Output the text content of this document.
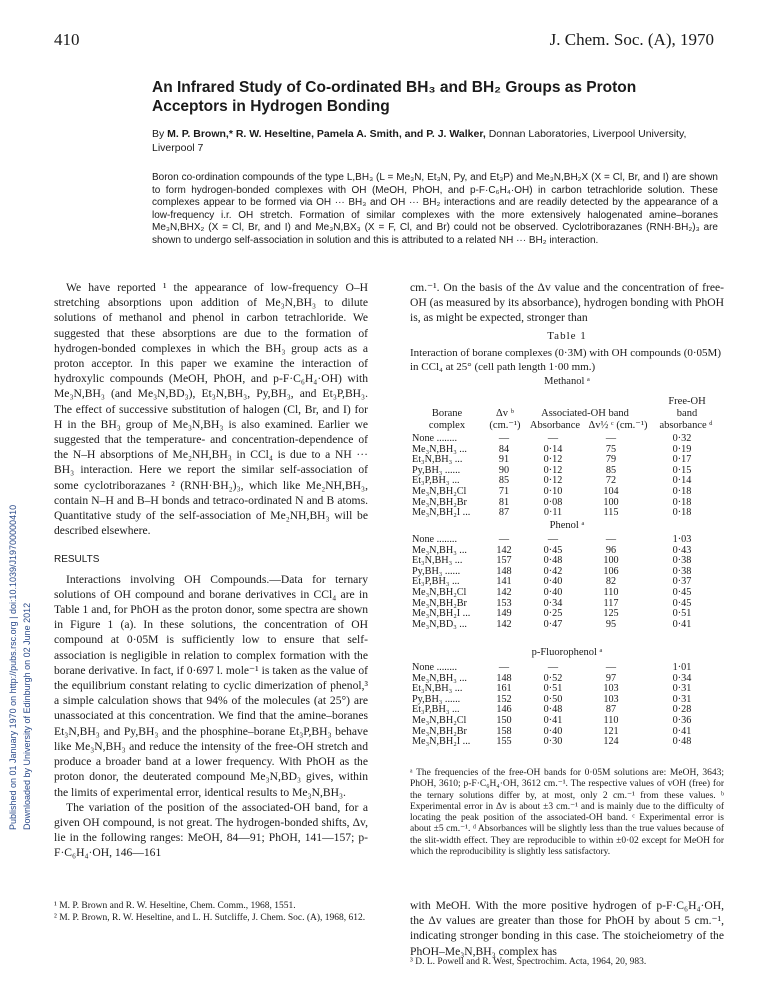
Downloaded by University of Edinburgh on 02 June 2012
Published on 01 January 1970 on http://pubs.rsc.org | doi:10.1039/J19700000410
410	J. Chem. Soc. (A), 1970
An Infrared Study of Co-ordinated BH₃ and BH₂ Groups as Proton Acceptors in Hydrogen Bonding
By M. P. Brown,* R. W. Heseltine, Pamela A. Smith, and P. J. Walker, Donnan Laboratories, Liverpool University, Liverpool 7
Boron co-ordination compounds of the type L,BH₃ (L = Me₃N, Et₃N, Py, and Et₃P) and Me₃N,BH₂X (X = Cl, Br, and I) are shown to form hydrogen-bonded complexes with OH (MeOH, PhOH, and p-F·C₆H₄·OH) in carbon tetrachloride solution. These complexes appear to be formed via OH ··· BH₃ and OH ··· BH₂ interactions and are readily detected by the appearance of a low-frequency i.r. OH stretch. Formation of similar complexes with the more extensively halogenated amine–boranes Me₃N,BHX₂ (X = Cl, Br, and I) and Me₃N,BX₃ (X = F, Cl, and Br) could not be observed. Cyclotriborazanes (RNH·BH₂)₃ are shown to undergo self-association in solution and this is attributed to a related NH ··· BH₂ interaction.

We have reported ¹ the appearance of low-frequency O–H stretching absorptions upon addition of Me₃N,BH₃ to dilute solutions of methanol and phenol in carbon tetrachloride. We suggested that these absorptions are due to the formation of hydrogen-bonded complexes in which the BH₃ group acts as a proton acceptor. In this paper we examine the interaction of hydroxylic compounds (MeOH, PhOH, and p-F·C₆H₄·OH) with Me₃N,BH₃ (and Me₃N,BD₃), Et₃N,BH₃, Py,BH₃, and Et₃P,BH₃. The effect of successive substitution of halogen (Cl, Br, and I) for H in the BH₃ group of Me₃N,BH₃ is also examined. Earlier we suggested that the temperature- and concentration-dependence of the N–H absorptions of Me₂NH,BH₃ in CCl₄ is due to a NH ··· BH₃ interaction. Here we report the similar self-association of some cyclotriborazanes ² (RNH·BH₂)₃, which like Me₂NH,BH₃, contain N–H and B–H bonds and tetraco-ordinated N and B atoms. Quantitative study of the self-association of Me₂NH,BH₃ will be described elsewhere.

RESULTS

Interactions involving OH Compounds.—Data for ternary solutions of OH compound and borane derivatives in CCl₄ are in Table 1 and, for PhOH as the proton donor, some spectra are shown in Figure 1 (a). In these solutions, the concentration of OH compound at 0·05M is sufficiently low to ensure that self-association is negligible in relation to complex formation with the borane derivative. In fact, if 0·697 l. mole⁻¹ is taken as the value of the equilibrium constant relating to cyclic dimerization of phenol,³ a simple calculation shows that 94% of the molecules (at 25°) are unassociated at this concentration. We find that the amine–boranes Et₃N,BH₃ and Py,BH₃ and the phosphine–borane Et₃P,BH₃ behave like Me₃N,BH₃ and reduce the intensity of the free-OH stretch and produce a broader band at a lower frequency. With PhOH as the proton donor, the deuterated compound Me₃N,BD₃ gives, within the limits of experimental error, identical results to Me₃N,BH₃.

The variation of the position of the associated-OH band, for a given OH compound, is not great. The hydrogen-bonded shifts, Δv, lie in the following ranges: MeOH, 84—91; PhOH, 141—157; p-F·C₆H₄·OH, 146—161

¹ M. P. Brown and R. W. Heseltine, Chem. Comm., 1968, 1551.
² M. P. Brown, R. W. Heseltine, and L. H. Sutcliffe, J. Chem. Soc. (A), 1968, 612.

cm.⁻¹. On the basis of the Δv value and the concentration of free-OH (as measured by its absorbance), hydrogen bonding with PhOH is, as might be expected, stronger than

Table 1
Interaction of borane complexes (0·3M) with OH compounds (0·05M) in CCl₄ at 25° (cell path length 1·00 mm.)
Methanol ᵃ
Borane
complex
Δv ᵇ
(cm.⁻¹)
Associated-OH band
Absorbance Δv½ ᶜ (cm.⁻¹)
Free-OH
band
absorbance ᵈ
None ........	—	—	—	0·32
Me₃N,BH₃ ...	84	0·14	75	0·19
Et₃N,BH₃ ...	91	0·12	79	0·17
Py,BH₃ ......	90	0·12	85	0·15
Et₃P,BH₃ ...	85	0·12	72	0·14
Me₃N,BH₂Cl	71	0·10	104	0·18
Me₃N,BH₂Br	81	0·08	100	0·18
Me₃N,BH₂I ...	87	0·11	115	0·18
Phenol ᵃ
None ........	—	—	—	1·03
Me₃N,BH₃ ...	142	0·45	96	0·43
Et₃N,BH₃ ...	157	0·48	100	0·38
Py,BH₃ ......	148	0·42	106	0·38
Et₃P,BH₃ ...	141	0·40	82	0·37
Me₃N,BH₂Cl	142	0·40	110	0·45
Me₃N,BH₂Br	153	0·34	117	0·45
Me₃N,BH₂I ...	149	0·25	125	0·51
Me₃N,BD₃ ...	142	0·47	95	0·41
p-Fluorophenol ᵃ
None ........	—	—	—	1·01
Me₃N,BH₃ ...	148	0·52	97	0·34
Et₃N,BH₃ ...	161	0·51	103	0·31
Py,BH₃ ......	152	0·50	103	0·31
Et₃P,BH₃ ...	146	0·48	87	0·28
Me₃N,BH₂Cl	150	0·41	110	0·36
Me₃N,BH₂Br	158	0·40	121	0·41
Me₃N,BH₂I ...	155	0·30	124	0·48
ᵃ The frequencies of the free-OH bands for 0·05M solutions are: MeOH, 3643; PhOH, 3610; p-F·C₆H₄·OH, 3612 cm.⁻¹. The respective values of vOH (free) for the ternary solutions differ by, at most, only 2 cm.⁻¹ from these values. ᵇ Experimental error in Δv is about ±3 cm.⁻¹ and is mainly due to the difficulty of locating the peak position of the associated-OH band. ᶜ Experimental error is about ±5 cm.⁻¹. ᵈ Absorbances will be slightly less than the true values because of the slit-width effect. They are reproducible to within ±0·02 except for MeOH for which the reproducibility is slightly less satisfactory.

with MeOH. With the more positive hydrogen of p-F·C₆H₄·OH, the Δv values are greater than those for PhOH by about 5 cm.⁻¹, indicating stronger bonding in this case. The stoicheiometry of the PhOH–Me₃N,BH₃ complex has

³ D. L. Powell and R. West, Spectrochim. Acta, 1964, 20, 983.
